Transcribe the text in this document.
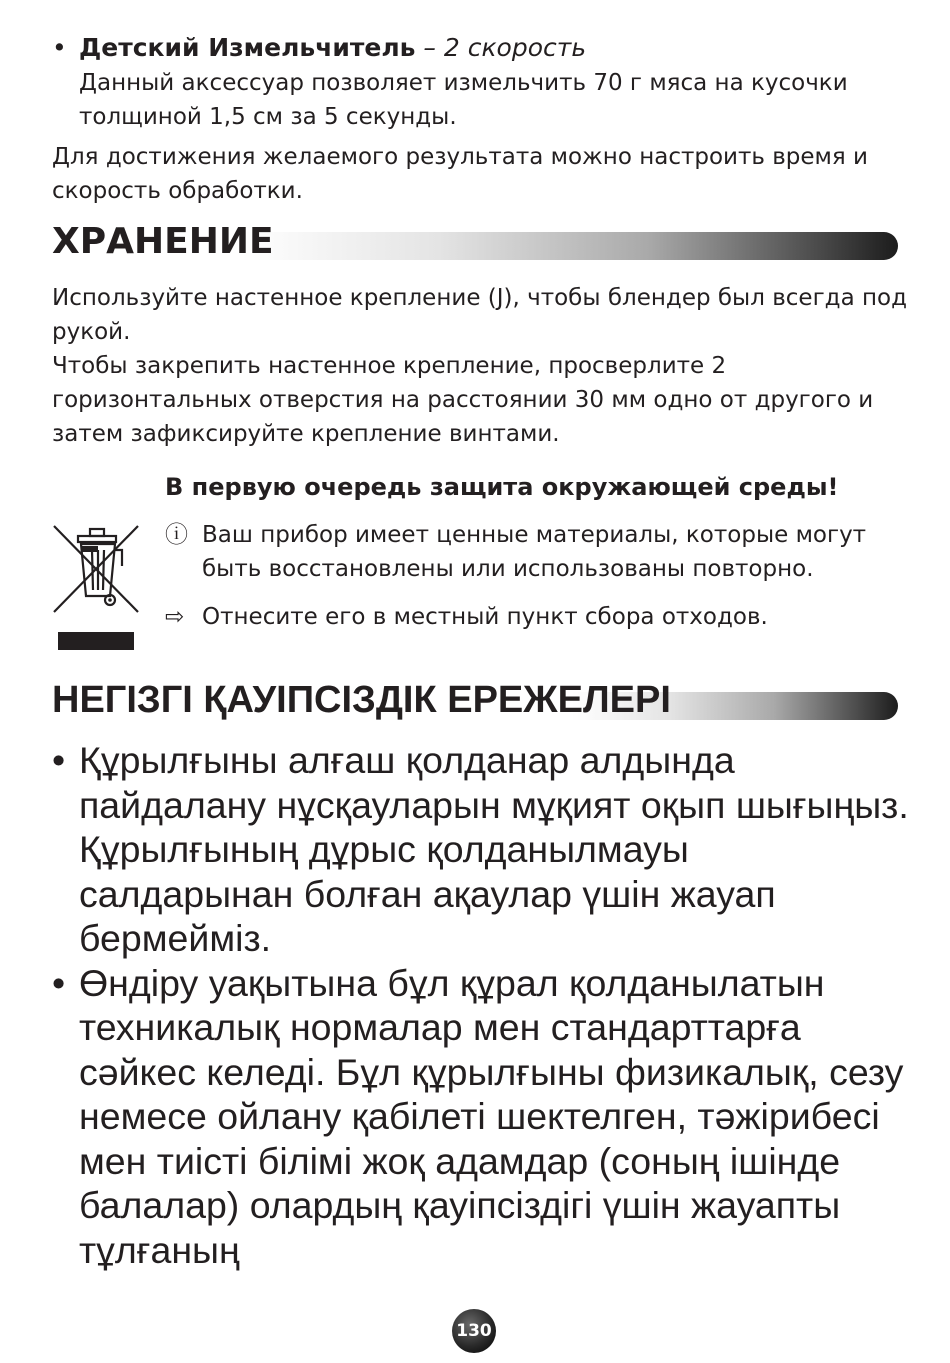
• Детский Измельчитель – 2 скорость
Данный аксессуар позволяет измельчить 70 г мяса на кусочки толщиной 1,5 см за 5 секунды.
Для достижения желаемого результата можно настроить время и скорость обработки.
ХРАНЕНИЕ

Используйте настенное крепление (J), чтобы блендер был всегда под рукой.

Чтобы закрепить настенное крепление, просверлите 2 горизонтальных отверстия на расстоянии 30 мм одно от другого и затем зафиксируйте крепление винтами.

В первую очередь защита окружающей среды!
ⓘ Ваш прибор имеет ценные материалы, которые могут быть восстановлены или использованы повторно.
⇨ Отнесите его в местный пункт сбора отходов.
НЕГІЗГІ ҚАУІПСІЗДІК ЕРЕЖЕЛЕРІ
• Құрылғыны алғаш қолданар алдында пайдалану нұсқауларын мұқият оқып шығыңыз. Құрылғының дұрыс қолданылмауы салдарынан болған ақаулар үшін жауап бермейміз.
• Өндіру уақытына бұл құрал қолданылатын техникалық нормалар мен стандарттарға сәйкес келеді. Бұл құрылғыны физикалық, сезу немесе ойлану қабілеті шектелген, тәжірибесі мен тиісті білімі жоқ адамдар (соның ішінде балалар) олардың қауіпсіздігі үшін жауапты тұлғаның
130
